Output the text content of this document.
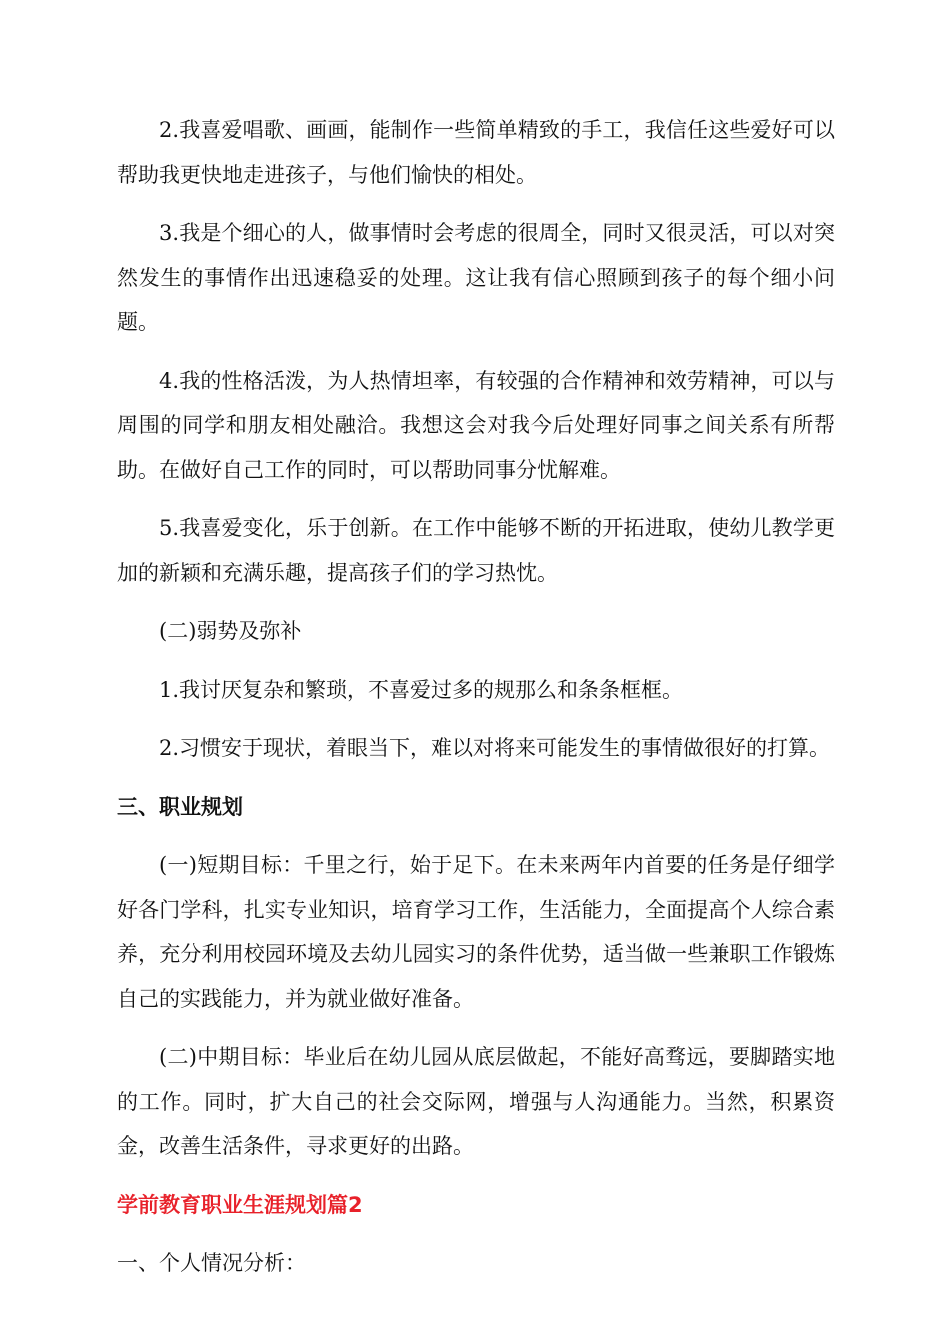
2.我喜爱唱歌、画画，能制作一些简单精致的手工，我信任这些爱好可以帮助我更快地走进孩子，与他们愉快的相处。

3.我是个细心的人，做事情时会考虑的很周全，同时又很灵活，可以对突然发生的事情作出迅速稳妥的处理。这让我有信心照顾到孩子的每个细小问题。

4.我的性格活泼，为人热情坦率，有较强的合作精神和效劳精神，可以与周围的同学和朋友相处融洽。我想这会对我今后处理好同事之间关系有所帮助。在做好自己工作的同时，可以帮助同事分忧解难。

5.我喜爱变化，乐于创新。在工作中能够不断的开拓进取，使幼儿教学更加的新颖和充满乐趣，提高孩子们的学习热忱。

(二)弱势及弥补

1.我讨厌复杂和繁琐，不喜爱过多的规那么和条条框框。

2.习惯安于现状，着眼当下，难以对将来可能发生的事情做很好的打算。

三、职业规划

(一)短期目标：千里之行，始于足下。在未来两年内首要的任务是仔细学好各门学科，扎实专业知识，培育学习工作，生活能力，全面提高个人综合素养，充分利用校园环境及去幼儿园实习的条件优势，适当做一些兼职工作锻炼自己的实践能力，并为就业做好准备。

(二)中期目标：毕业后在幼儿园从底层做起，不能好高骛远，要脚踏实地的工作。同时，扩大自己的社会交际网，增强与人沟通能力。当然，积累资金，改善生活条件，寻求更好的出路。

学前教育职业生涯规划篇2

一、个人情况分析：
